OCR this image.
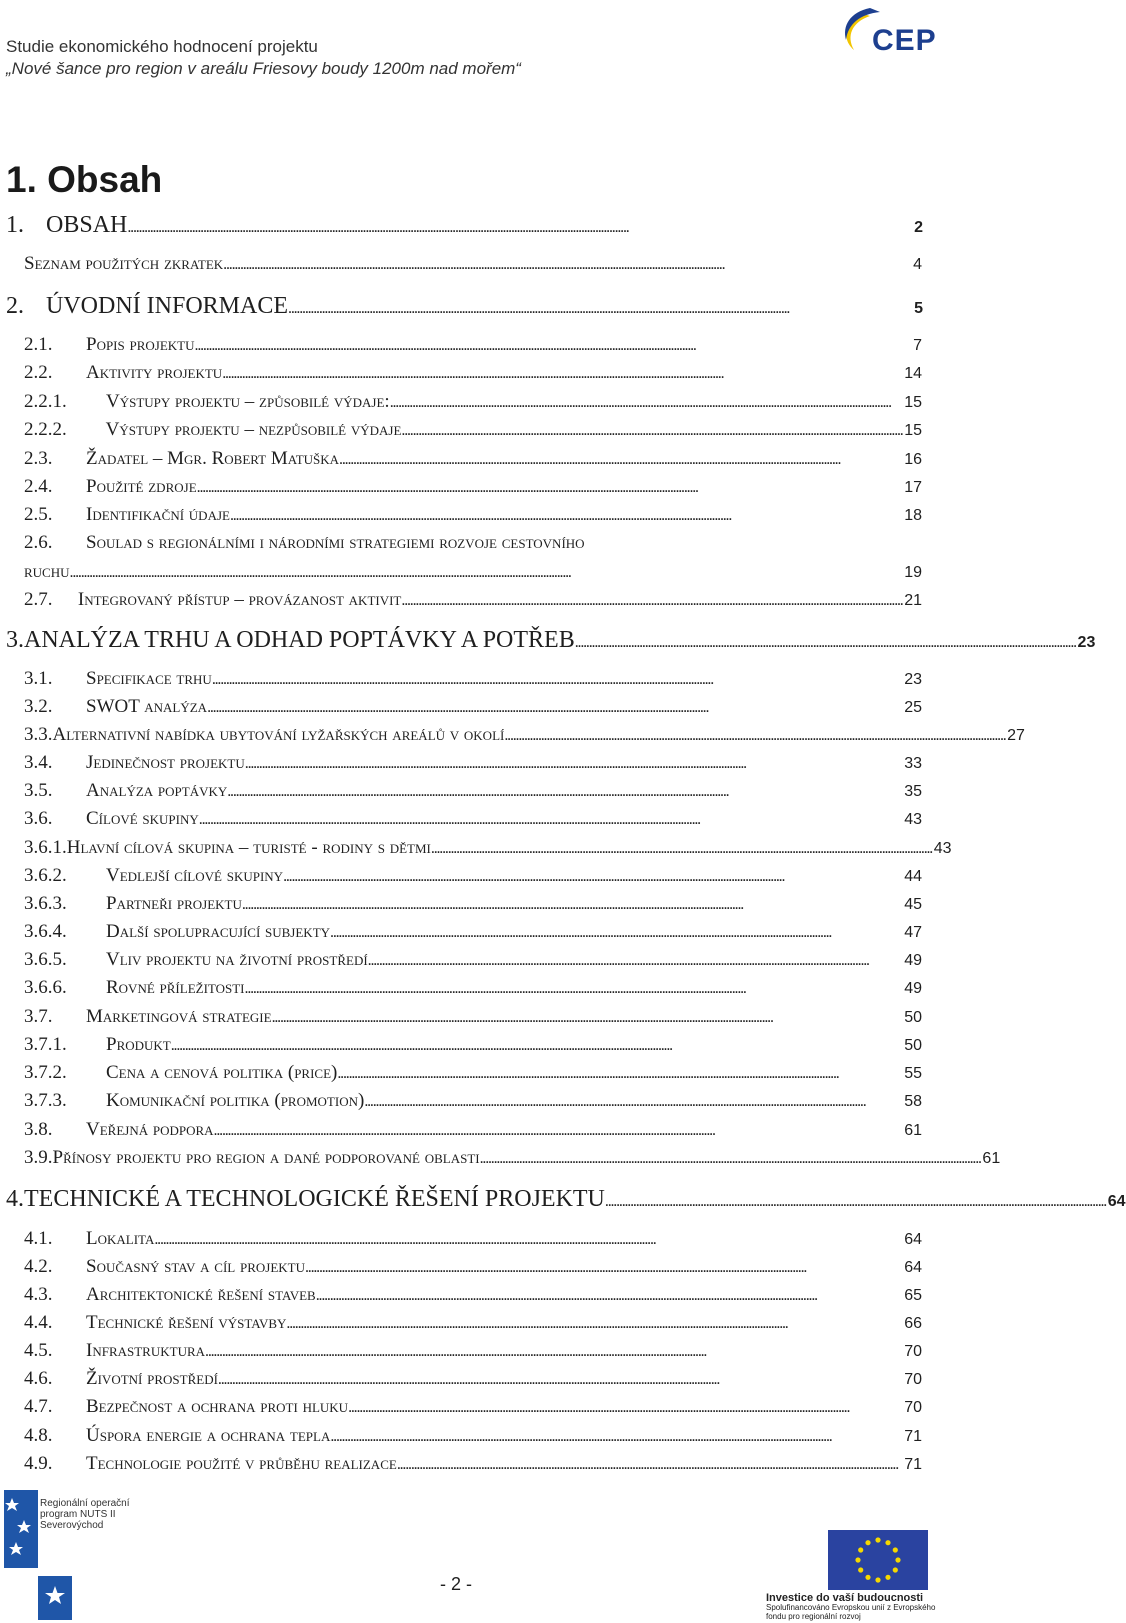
Studie ekonomického hodnocení projektu
„Nové šance pro region v areálu Friesovy boudy 1200m nad mořem“
CEP
1. Obsah
1. OBSAH . . .	2
Seznam použitých zkratek . . .	4
2. ÚVODNÍ INFORMACE . . .	5
2.1.	Popis projektu . . .	7
2.2.	Aktivity projektu . . .	14
2.2.1.	Výstupy projektu – způsobilé výdaje: . . .	15
2.2.2.	Výstupy projektu – nezpůsobilé výdaje . . .	15
2.3.	Žadatel – Mgr. Robert Matuška . . .	16
2.4.	Použité zdroje . . .	17
2.5.	Identifikační údaje . . .	18
2.6.	Soulad s regionálními i národními strategiemi rozvoje cestovního
ruchu . . .	19
2.7.	Integrovaný přístup – provázanost aktivit . . .	21
3. ANALÝZA TRHU A ODHAD POPTÁVKY A POTŘEB . . .	23
3.1.	Specifikace trhu . . .	23
3.2.	SWOT analýza . . .	25
3.3. Alternativní nabídka ubytování lyžařských areálů v okolí . . .	27
3.4.	Jedinečnost projektu . . .	33
3.5.	Analýza poptávky . . .	35
3.6.	Cílové skupiny . . .	43
3.6.1. Hlavní cílová skupina – turisté - rodiny s dětmi . . .	43
3.6.2.	Vedlejší cílové skupiny . . .	44
3.6.3.	Partneři projektu . . .	45
3.6.4.	Další spolupracující subjekty . . .	47
3.6.5.	Vliv projektu na životní prostředí . . .	49
3.6.6.	Rovné příležitosti . . .	49
3.7.	Marketingová strategie . . .	50
3.7.1.	Produkt . . .	50
3.7.2.	Cena a cenová politika (price) . . .	55
3.7.3.	Komunikační politika (promotion) . . .	58
3.8.	Veřejná podpora . . .	61
3.9. Přínosy projektu pro region a dané podporované oblasti . . .	61
4. TECHNICKÉ A TECHNOLOGICKÉ ŘEŠENÍ PROJEKTU . . .	64
4.1.	Lokalita . . .	64
4.2.	Současný stav a cíl projektu . . .	64
4.3.	Architektonické řešení staveb . . .	65
4.4.	Technické řešení výstavby . . .	66
4.5.	Infrastruktura . . .	70
4.6.	Životní prostředí . . .	70
4.7.	Bezpečnost a ochrana proti hluku . . .	70
4.8.	Úspora energie a ochrana tepla . . .	71
4.9.	Technologie použité v průběhu realizace . . .	71
Regionální operační program NUTS II Severovýchod
- 2 -
Investice do vaší budoucnosti
Spolufinancováno Evropskou unií z Evropského fondu pro regionální rozvoj
